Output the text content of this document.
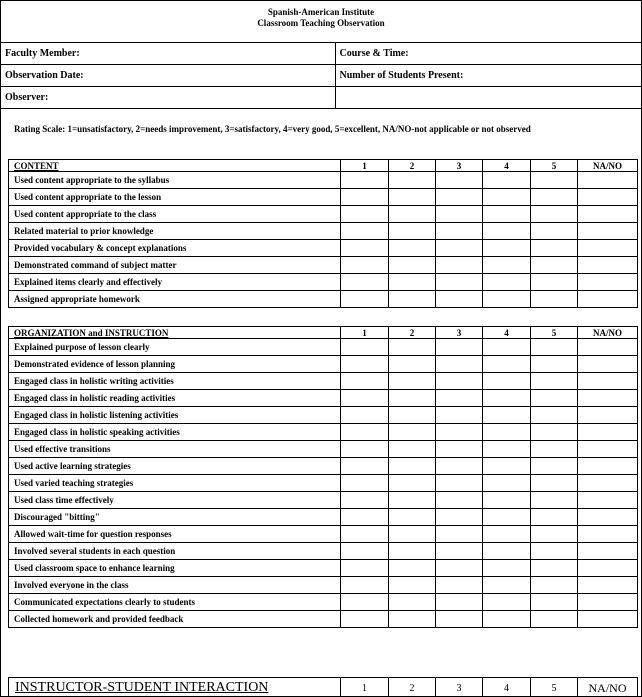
Spanish-American Institute
Classroom Teaching Observation
Faculty Member:	Course & Time:
Observation Date:	Number of Students Present:
Observer:	
Rating Scale: 1=unsatisfactory, 2=needs improvement, 3=satisfactory, 4=very good, 5=excellent, NA/NO-not applicable or not observed
CONTENT	1	2	3	4	5	NA/NO
Used content appropriate to the syllabus						
Used content appropriate to the lesson						
Used content appropriate to the class						
Related material to prior knowledge						
Provided vocabulary & concept explanations						
Demonstrated command of subject matter						
Explained items clearly and effectively						
Assigned appropriate homework						
ORGANIZATION and INSTRUCTION	1	2	3	4	5	NA/NO
Explained purpose of lesson clearly						
Demonstrated evidence of lesson planning						
Engaged class in holistic writing activities						
Engaged class in holistic reading activities						
Engaged class in holistic listening activities						
Engaged class in holistic speaking activities						
Used effective transitions						
Used active learning strategies						
Used varied teaching strategies						
Used class time effectively						
Discouraged "bitting"						
Allowed wait-time for question responses						
Involved several students in each question						
Used classroom space to enhance learning						
Involved everyone in the class						
Communicated expectations clearly to students						
Collected homework and provided feedback						
INSTRUCTOR-STUDENT INTERACTION	1	2	3	4	5	NA/NO
